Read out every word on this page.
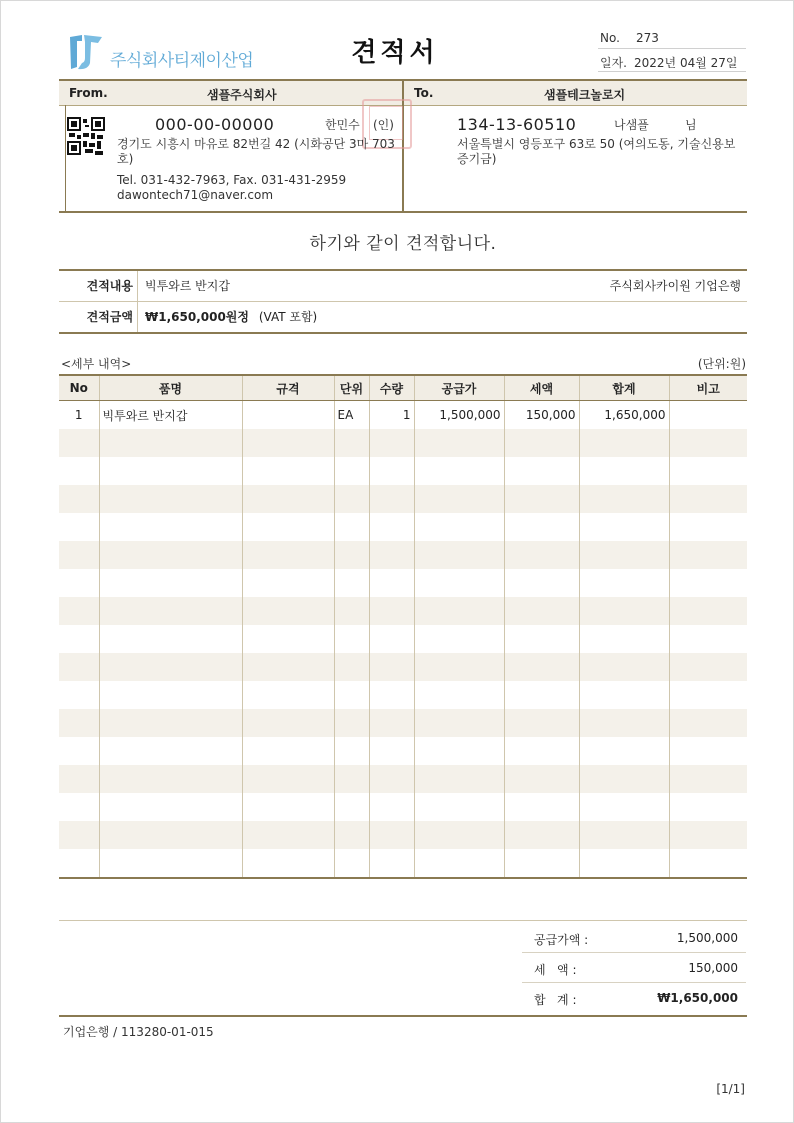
주식회사티제이산업	견적서	No. 273
일자. 2022년 04월 27일
From.	샘플주식회사	To.	샘플테크놀로지
000-00-00000	한민수 (인)
경기도 시흥시 마유로 82번길 42 (시화공단 3마 703호)
Tel. 031-432-7963, Fax. 031-431-2959
dawontech71@naver.com
134-13-60510	나샘플	님
서울특별시 영등포구 63로 50 (여의도동, 기술신용보증기금)
하기와 같이 견적합니다.
견적내용	빅투와르 반지갑	주식회사카이원 기업은행
견적금액	₩1,650,000원정 (VAT 포함)
<세부 내역>	(단위:원)
No	품명	규격	단위	수량	공급가	세액	합계	비고
1	빅투와르 반지갑		EA	1	1,500,000	150,000	1,650,000	

공급가액 :	1,500,000
세   액 :	150,000
합   계 :	₩1,650,000
기업은행 / 113280-01-015
[1/1]
